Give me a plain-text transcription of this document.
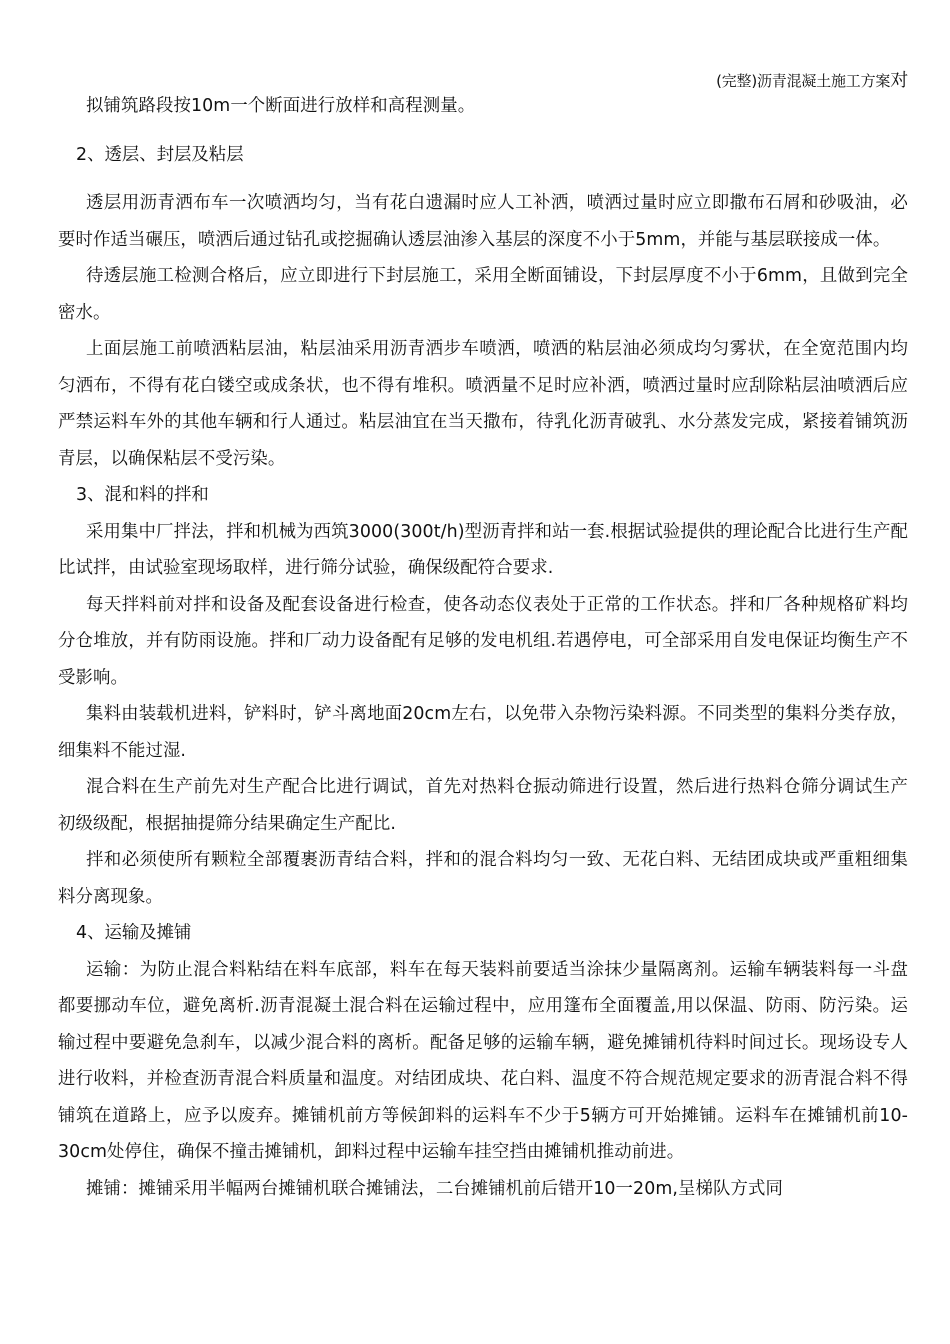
(完整)沥青混凝土施工方案对

拟铺筑路段按10m一个断面进行放样和高程测量。

2、透层、封层及粘层

透层用沥青洒布车一次喷洒均匀，当有花白遗漏时应人工补洒，喷洒过量时应立即撒布石屑和砂吸油，必要时作适当碾压，喷洒后通过钻孔或挖掘确认透层油渗入基层的深度不小于5mm，并能与基层联接成一体。

待透层施工检测合格后，应立即进行下封层施工，采用全断面铺设，下封层厚度不小于6mm，且做到完全密水。

上面层施工前喷洒粘层油，粘层油采用沥青洒步车喷洒，喷洒的粘层油必须成均匀雾状，在全宽范围内均匀洒布，不得有花白镂空或成条状，也不得有堆积。喷洒量不足时应补洒，喷洒过量时应刮除粘层油喷洒后应严禁运料车外的其他车辆和行人通过。粘层油宜在当天撒布，待乳化沥青破乳、水分蒸发完成，紧接着铺筑沥青层，以确保粘层不受污染。

3、混和料的拌和

采用集中厂拌法，拌和机械为西筑3000(300t/h)型沥青拌和站一套.根据试验提供的理论配合比进行生产配比试拌，由试验室现场取样，进行筛分试验，确保级配符合要求.

每天拌料前对拌和设备及配套设备进行检查，使各动态仪表处于正常的工作状态。拌和厂各种规格矿料均分仓堆放，并有防雨设施。拌和厂动力设备配有足够的发电机组.若遇停电，可全部采用自发电保证均衡生产不受影响。

集料由装载机进料，铲料时，铲斗离地面20cm左右，以免带入杂物污染料源。不同类型的集料分类存放，细集料不能过湿.

混合料在生产前先对生产配合比进行调试，首先对热料仓振动筛进行设置，然后进行热料仓筛分调试生产初级级配，根据抽提筛分结果确定生产配比.

拌和必须使所有颗粒全部覆裹沥青结合料，拌和的混合料均匀一致、无花白料、无结团成块或严重粗细集料分离现象。

4、运输及摊铺

运输：为防止混合料粘结在料车底部，料车在每天装料前要适当涂抹少量隔离剂。运输车辆装料每一斗盘都要挪动车位，避免离析.沥青混凝土混合料在运输过程中，应用篷布全面覆盖,用以保温、防雨、防污染。运输过程中要避免急刹车，以减少混合料的离析。配备足够的运输车辆，避免摊铺机待料时间过长。现场设专人进行收料，并检查沥青混合料质量和温度。对结团成块、花白料、温度不符合规范规定要求的沥青混合料不得铺筑在道路上，应予以废弃。摊铺机前方等候卸料的运料车不少于5辆方可开始摊铺。运料车在摊铺机前10-30cm处停住，确保不撞击摊铺机，卸料过程中运输车挂空挡由摊铺机推动前进。

摊铺：摊铺采用半幅两台摊铺机联合摊铺法，二台摊铺机前后错开10一20m,呈梯队方式同
